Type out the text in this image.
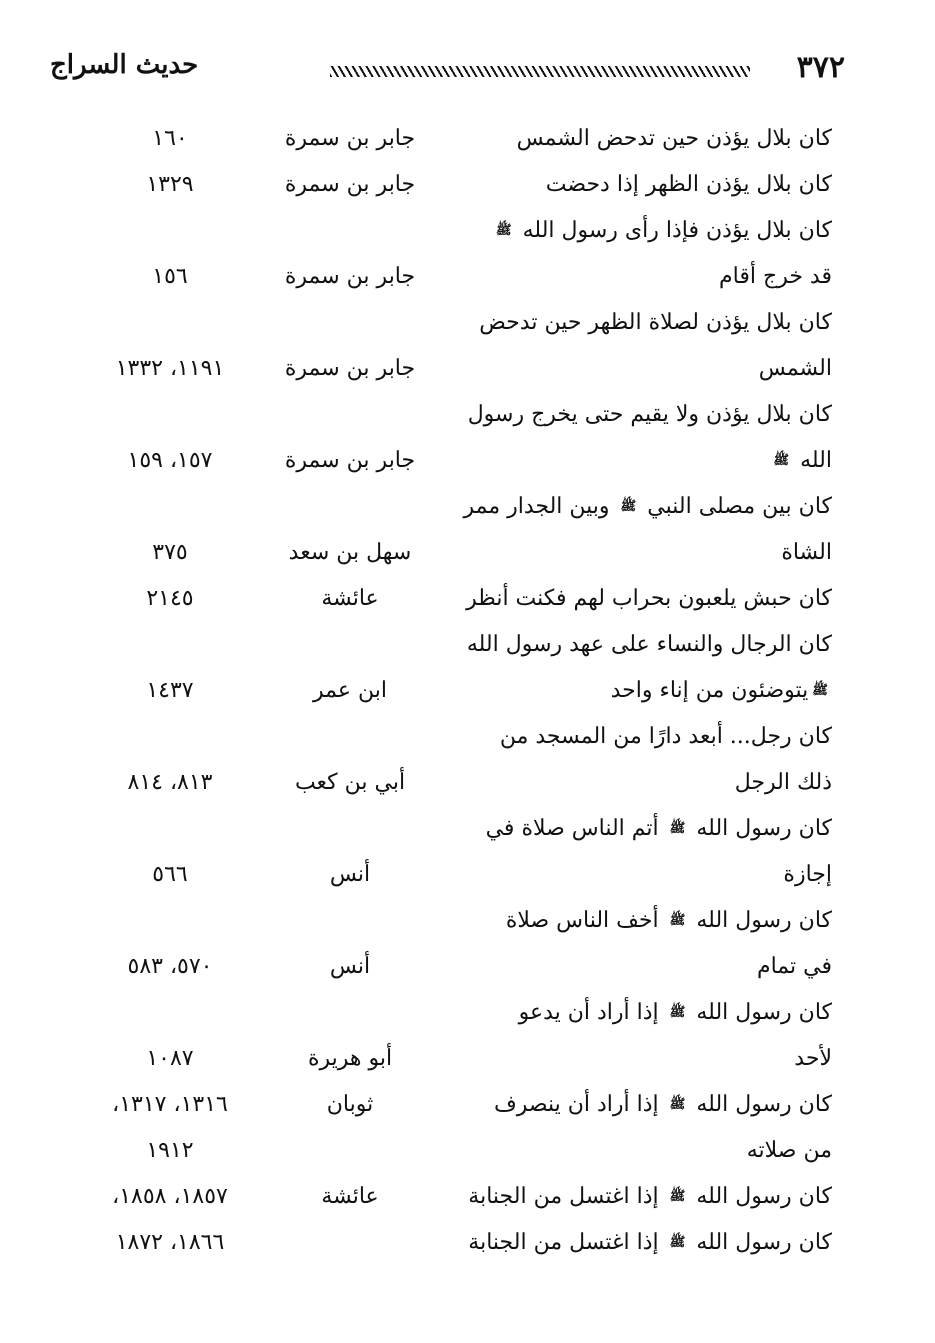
٣٧٢
حديث السراج
كان بلال يؤذن حين تدحض الشمس
جابر بن سمرة
١٦٠
كان بلال يؤذن الظهر إذا دحضت
جابر بن سمرة
١٣٢٩
كان بلال يؤذن فإذا رأى رسول الله ﷺ
قد خرج أقام
جابر بن سمرة
١٥٦
كان بلال يؤذن لصلاة الظهر حين تدحض
الشمس
جابر بن سمرة
١١٩١، ١٣٣٢
كان بلال يؤذن ولا يقيم حتى يخرج رسول
الله ﷺ
جابر بن سمرة
١٥٧، ١٥٩
كان بين مصلى النبي ﷺ وبين الجدار ممر
الشاة
سهل بن سعد
٣٧٥
كان حبش يلعبون بحراب لهم فكنت أنظر
عائشة
٢١٤٥
كان الرجال والنساء على عهد رسول الله
ﷺيتوضئون من إناء واحد
ابن عمر
١٤٣٧
كان رجل... أبعد دارًا من المسجد من
ذلك الرجل
أبي بن كعب
٨١٣، ٨١٤
كان رسول الله ﷺ أتم الناس صلاة في
إجازة
أنس
٥٦٦
كان رسول الله ﷺ أخف الناس صلاة
في تمام
أنس
٥٧٠، ٥٨٣
كان رسول الله ﷺ إذا أراد أن يدعو
لأحد
أبو هريرة
١٠٨٧
كان رسول الله ﷺ إذا أراد أن ينصرف
ثوبان
١٣١٦، ١٣١٧،
من صلاته
١٩١٢
كان رسول الله ﷺ إذا اغتسل من الجنابة
عائشة
١٨٥٧، ١٨٥٨،
كان رسول الله ﷺ إذا اغتسل من الجنابة
١٨٦٦، ١٨٧٢
